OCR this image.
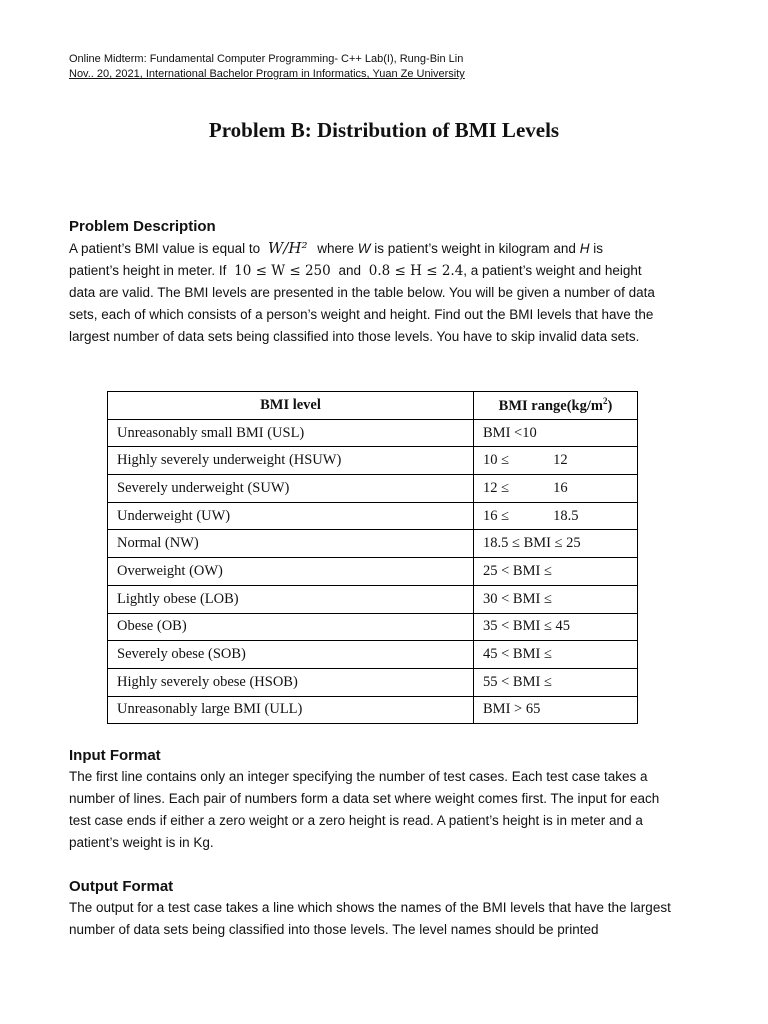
Online Midterm: Fundamental Computer Programming- C++ Lab(I), Rung-Bin Lin
Nov.. 20, 2021, International Bachelor Program in Informatics, Yuan Ze University
Problem B: Distribution of BMI Levels
Problem Description
A patient’s BMI value is equal to W/H² where W is patient’s weight in kilogram and H is
patient’s height in meter. If 10 ≤ W ≤ 250 and 0.8 ≤ H ≤ 2.4, a patient’s weight and height
data are valid. The BMI levels are presented in the table below. You will be given a number of data sets, each of which consists of a person’s weight and height. Find out the BMI levels that have the largest number of data sets being classified into those levels. You have to skip invalid data sets.
BMI level	BMI $range(kg/m^2)$
Unreasonably small BMI (USL)	BMI <10
Highly severely underweight (HSUW)	10 ≤ 12
Severely underweight (SUW)	12 ≤ 16
Underweight (UW)	16 ≤ 18.5
Normal (NW)	18.5 ≤ BMI ≤ 25
Overweight (OW)	25 < BMI ≤
Lightly obese (LOB)	30 < BMI ≤
Obese (OB)	35 < BMI ≤ 45
Severely obese (SOB)	45 < BMI ≤
Highly severely obese (HSOB)	55 < BMI ≤
Unreasonably large BMI (ULL)	BMI > 65
Input Format
The first line contains only an integer specifying the number of test cases. Each test case takes a number of lines. Each pair of numbers form a data set where weight comes first. The input for each test case ends if either a zero weight or a zero height is read. A patient’s height is in meter and a patient’s weight is in Kg.
Output Format
The output for a test case takes a line which shows the names of the BMI levels that have the largest number of data sets being classified into those levels. The level names should be printed
